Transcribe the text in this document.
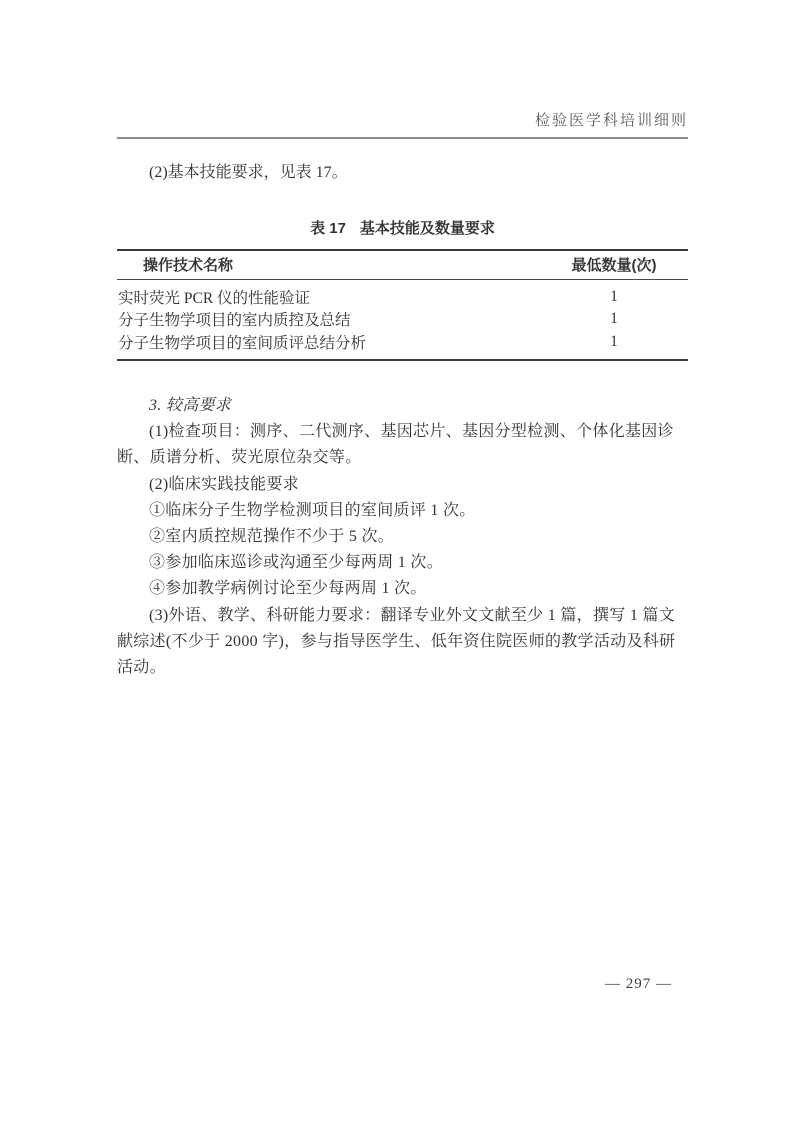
检验医学科培训细则

(2)基本技能要求，见表 17。

表 17 基本技能及数量要求
操作技术名称	最低数量(次)
实时荧光 PCR 仪的性能验证	1
分子生物学项目的室内质控及总结	1
分子生物学项目的室间质评总结分析	1

3. 较高要求

(1)检查项目：测序、二代测序、基因芯片、基因分型检测、个体化基因诊断、质谱分析、荧光原位杂交等。

(2)临床实践技能要求

①临床分子生物学检测项目的室间质评 1 次。

②室内质控规范操作不少于 5 次。

③参加临床巡诊或沟通至少每两周 1 次。

④参加教学病例讨论至少每两周 1 次。

(3)外语、教学、科研能力要求：翻译专业外文文献至少 1 篇，撰写 1 篇文献综述(不少于 2000 字)，参与指导医学生、低年资住院医师的教学活动及科研活动。

— 297 —
